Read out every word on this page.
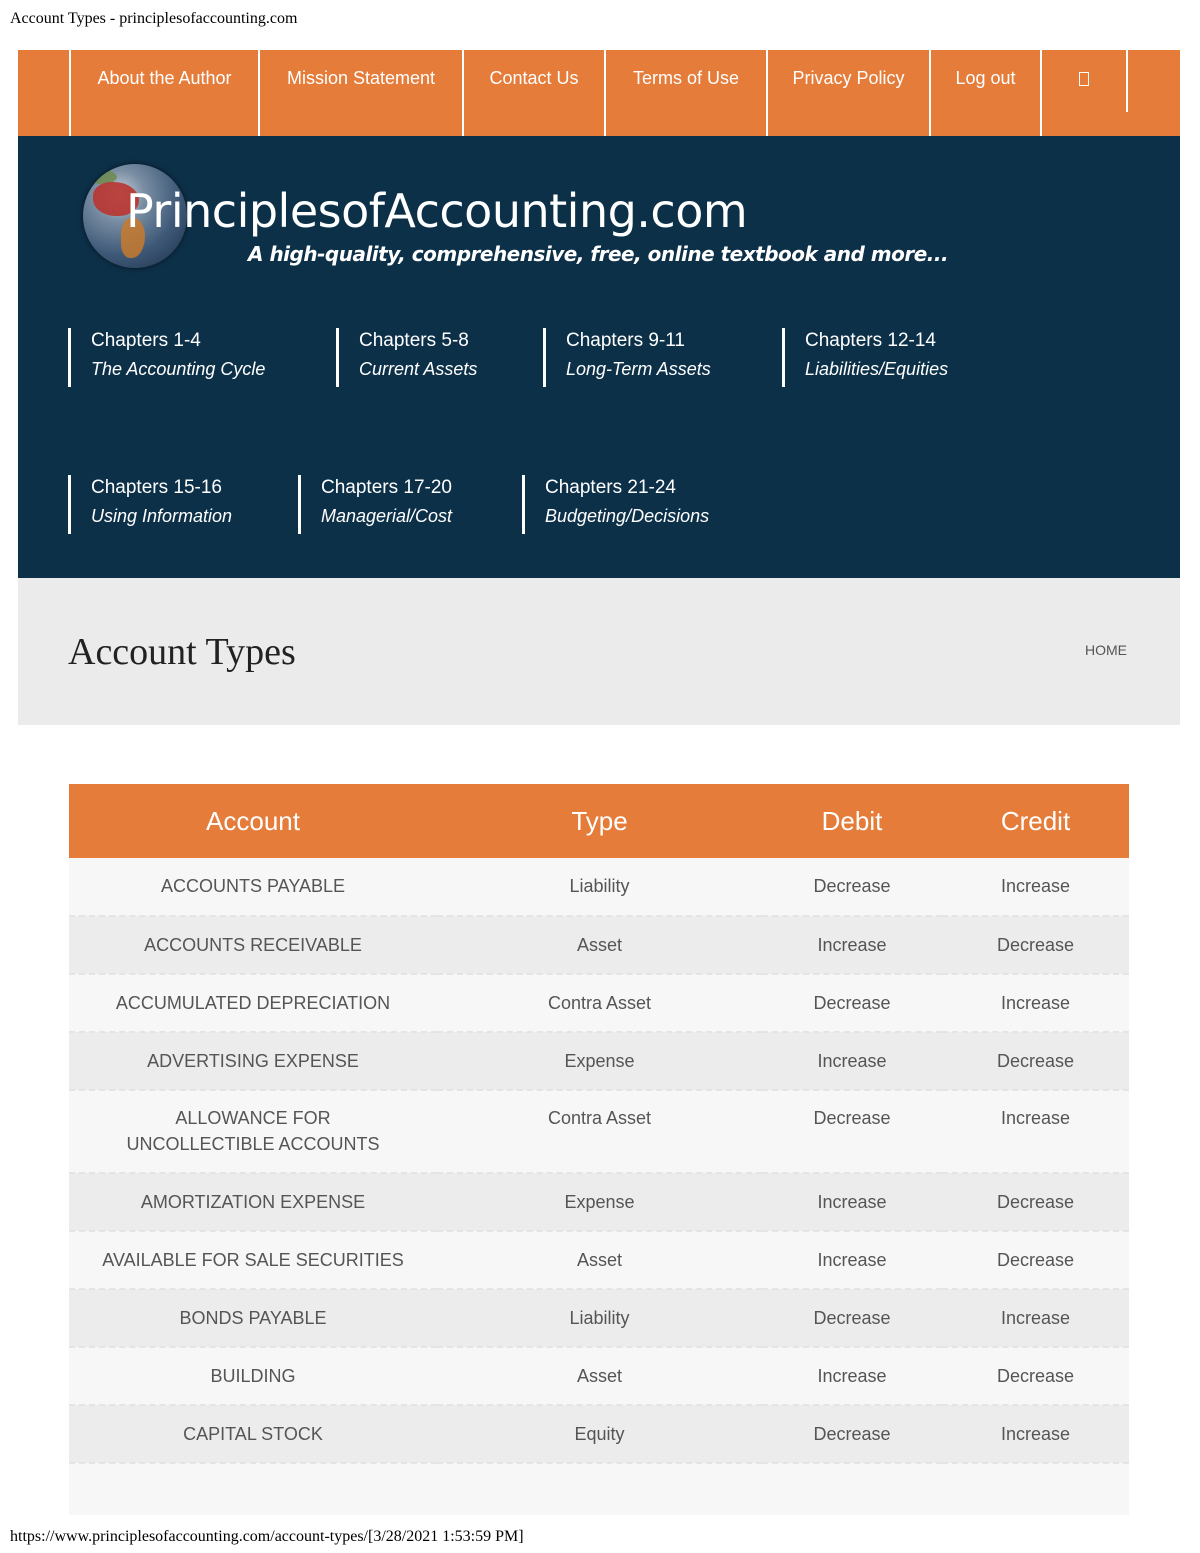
Account Types - principlesofaccounting.com
About the Author	Mission Statement	Contact Us	Terms of Use	Privacy Policy	Log out
PrinciplesofAccounting.com
A high-quality, comprehensive, free, online textbook and more...
Chapters 1-4
The Accounting Cycle
Chapters 5-8
Current Assets
Chapters 9-11
Long-Term Assets
Chapters 12-14
Liabilities/Equities
Chapters 15-16
Using Information
Chapters 17-20
Managerial/Cost
Chapters 21-24
Budgeting/Decisions
Account Types	HOME
Account	Type	Debit	Credit
ACCOUNTS PAYABLE	Liability	Decrease	Increase
ACCOUNTS RECEIVABLE	Asset	Increase	Decrease
ACCUMULATED DEPRECIATION	Contra Asset	Decrease	Increase
ADVERTISING EXPENSE	Expense	Increase	Decrease
ALLOWANCE FOR UNCOLLECTIBLE ACCOUNTS	Contra Asset	Decrease	Increase
AMORTIZATION EXPENSE	Expense	Increase	Decrease
AVAILABLE FOR SALE SECURITIES	Asset	Increase	Decrease
BONDS PAYABLE	Liability	Decrease	Increase
BUILDING	Asset	Increase	Decrease
CAPITAL STOCK	Equity	Decrease	Increase

https://www.principlesofaccounting.com/account-types/[3/28/2021 1:53:59 PM]
